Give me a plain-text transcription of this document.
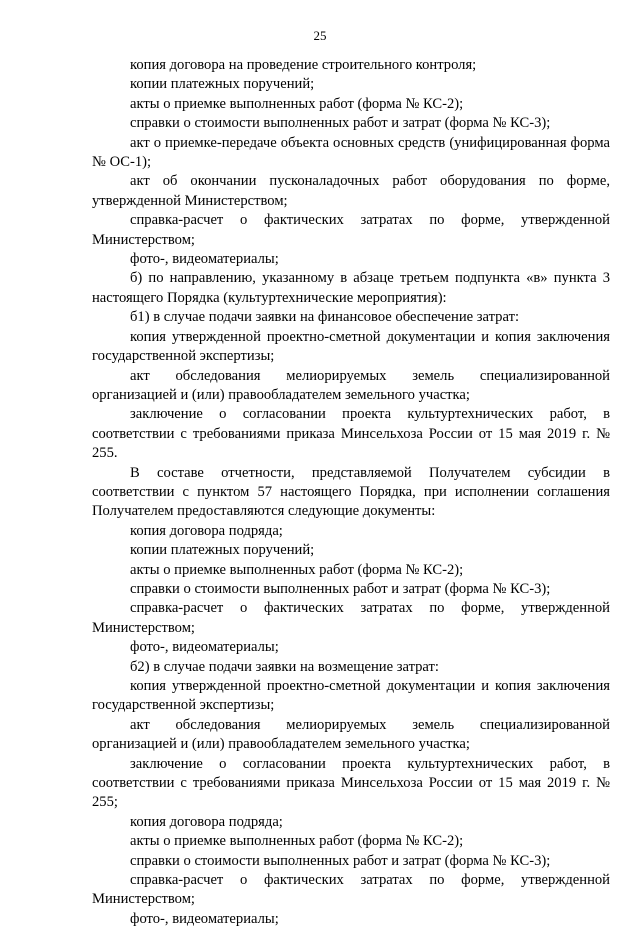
25

копия договора на проведение строительного контроля;

копии платежных поручений;

акты о приемке выполненных работ (форма № КС-2);

справки о стоимости выполненных работ и затрат (форма № КС-3);

акт о приемке-передаче объекта основных средств (унифицированная форма № ОС-1);

акт об окончании пусконаладочных работ оборудования по форме, утвержденной Министерством;

справка-расчет о фактических затратах по форме, утвержденной Министерством;

фото-, видеоматериалы;

б) по направлению, указанному в абзаце третьем подпункта «в» пункта 3 настоящего Порядка (культуртехнические мероприятия):

б1) в случае подачи заявки на финансовое обеспечение затрат:

копия утвержденной проектно-сметной документации и копия заключения государственной экспертизы;

акт обследования мелиорируемых земель специализированной организацией и (или) правообладателем земельного участка;

заключение о согласовании проекта культуртехнических работ, в соответствии с требованиями приказа Минсельхоза России от 15 мая 2019 г. № 255.

В составе отчетности, представляемой Получателем субсидии в соответствии с пунктом 57 настоящего Порядка, при исполнении соглашения Получателем предоставляются следующие документы:

копия договора подряда;

копии платежных поручений;

акты о приемке выполненных работ (форма № КС-2);

справки о стоимости выполненных работ и затрат (форма № КС-3);

справка-расчет о фактических затратах по форме, утвержденной Министерством;

фото-, видеоматериалы;

б2) в случае подачи заявки на возмещение затрат:

копия утвержденной проектно-сметной документации и копия заключения государственной экспертизы;

акт обследования мелиорируемых земель специализированной организацией и (или) правообладателем земельного участка;

заключение о согласовании проекта культуртехнических работ, в соответствии с требованиями приказа Минсельхоза России от 15 мая 2019 г. № 255;

копия договора подряда;

акты о приемке выполненных работ (форма № КС-2);

справки о стоимости выполненных работ и затрат (форма № КС-3);

справка-расчет о фактических затратах по форме, утвержденной Министерством;

фото-, видеоматериалы;
